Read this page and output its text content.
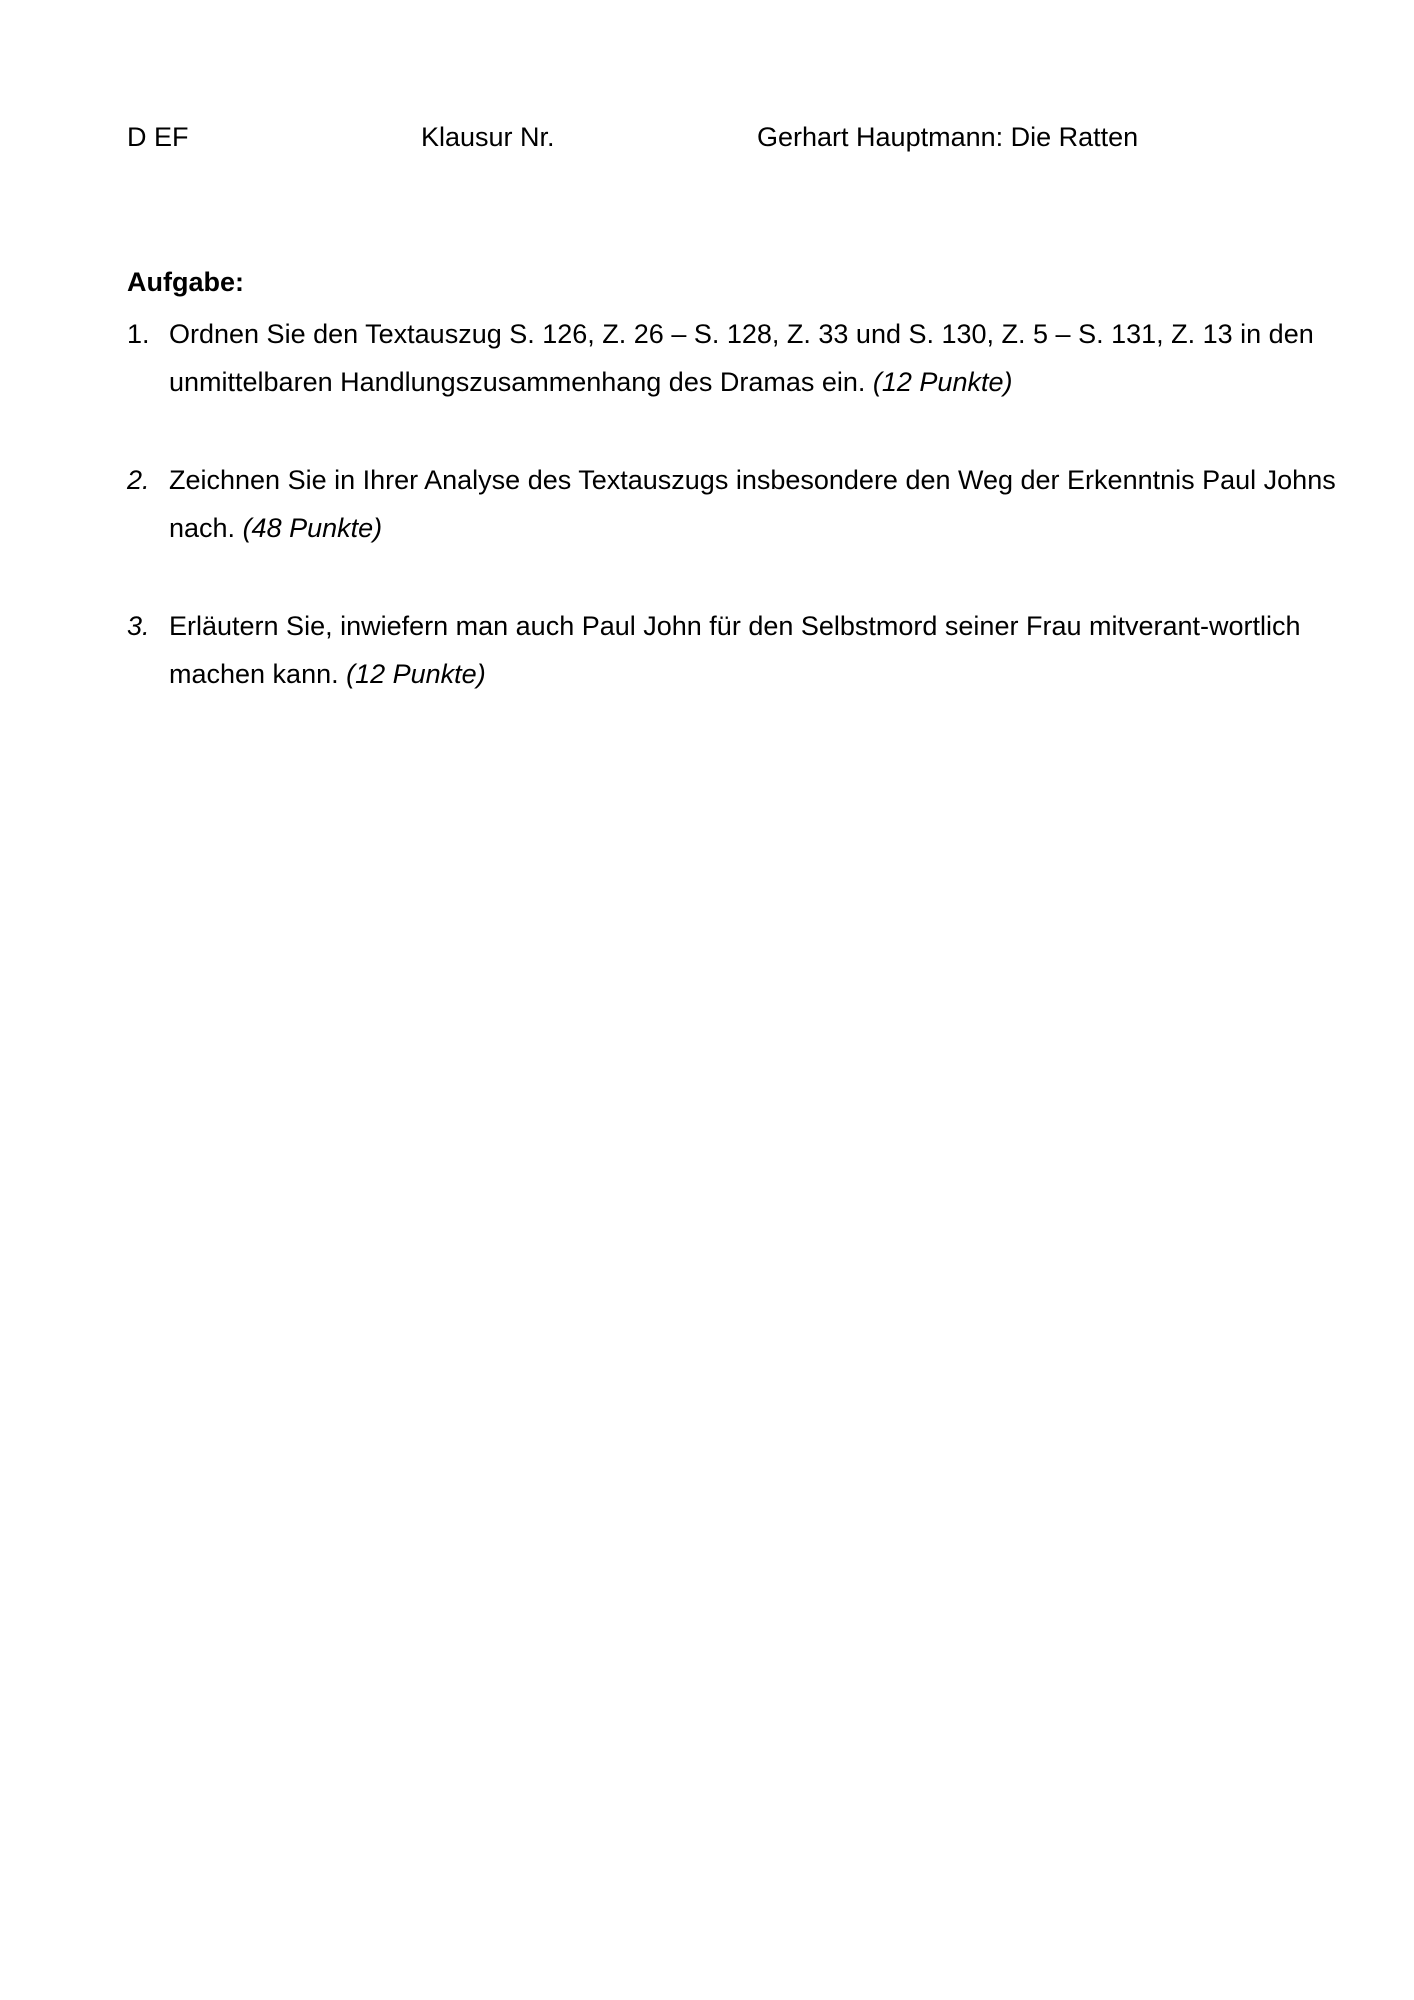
D EF	Klausur Nr.	Gerhart Hauptmann: Die Ratten
Aufgabe:
1. Ordnen Sie den Textauszug S. 126, Z. 26 – S. 128, Z. 33 und S. 130, Z. 5 – S. 131, Z. 13 in den unmittelbaren Handlungszusammenhang des Dramas ein. (12 Punkte)
2. Zeichnen Sie in Ihrer Analyse des Textauszugs insbesondere den Weg der Erkenntnis Paul Johns nach. (48 Punkte)
3. Erläutern Sie, inwiefern man auch Paul John für den Selbstmord seiner Frau mitverant-wortlich machen kann. (12 Punkte)
